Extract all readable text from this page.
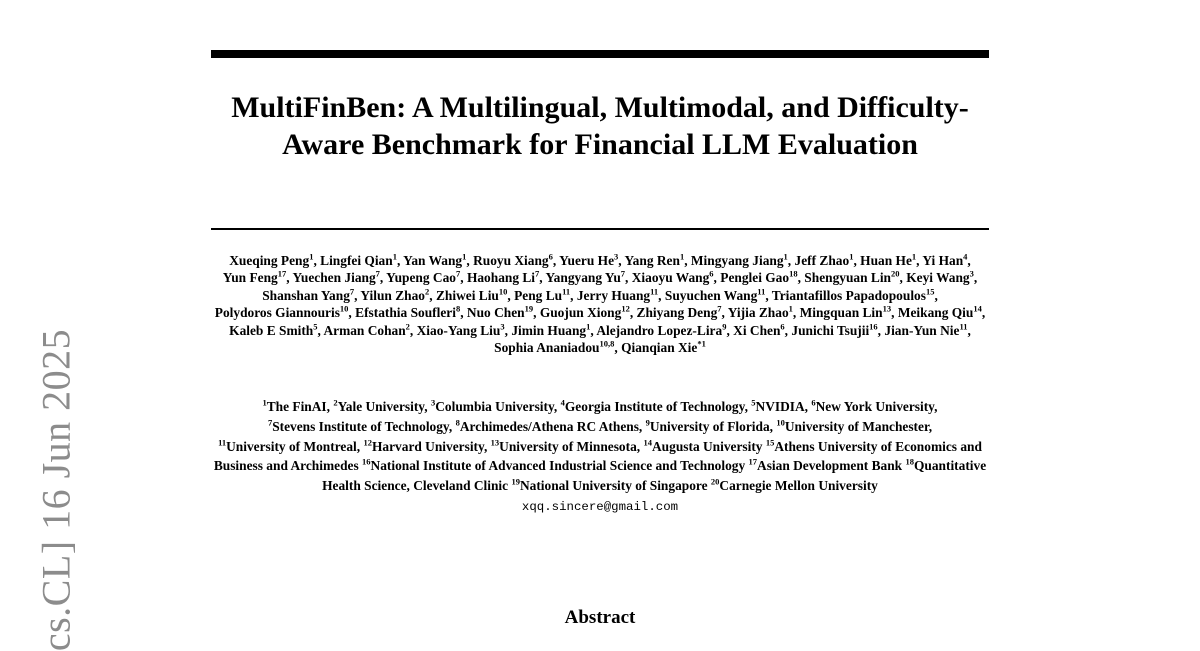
MultiFinBen: A Multilingual, Multimodal, and Difficulty-Aware Benchmark for Financial LLM Evaluation

Xueqing Peng$^1$, Lingfei Qian$^1$, Yan Wang$^1$, Ruoyu Xiang$^6$, Yueru He$^3$, Yang Ren$^1$, Mingyang Jiang$^1$, Jeff Zhao$^1$, Huan He$^1$, Yi Han$^4$, Yun Feng$^{17}$, Yuechen Jiang$^7$, Yupeng Cao$^7$, Haohang Li$^7$, Yangyang Yu$^7$, Xiaoyu Wang$^6$, Penglei Gao$^{18}$, Shengyuan Lin$^{20}$, Keyi Wang$^3$, Shanshan Yang$^7$, Yilun Zhao$^2$, Zhiwei Liu$^{10}$, Peng Lu$^{11}$, Jerry Huang$^{11}$, Suyuchen Wang$^{11}$, Triantafillos Papadopoulos$^{15}$, Polydoros Giannouris$^{10}$, Efstathia Soufleri$^8$, Nuo Chen$^{19}$, Guojun Xiong$^{12}$, Zhiyang Deng$^7$, Yijia Zhao$^1$, Mingquan Lin$^{13}$, Meikang Qiu$^{14}$, Kaleb E Smith$^5$, Arman Cohan$^2$, Xiao-Yang Liu$^3$, Jimin Huang$^1$, Alejandro Lopez-Lira$^9$, Xi Chen$^6$, Junichi Tsujii$^{16}$, Jian-Yun Nie$^{11}$, Sophia Ananiadou$^{10,8}$, Qianqian Xie$^{*1}$

$^1$The FinAI, $^2$Yale University, $^3$Columbia University, $^4$Georgia Institute of Technology, $^5$NVIDIA, $^6$New York University, $^7$Stevens Institute of Technology, $^8$Archimedes/Athena RC Athens, $^9$University of Florida, $^{10}$University of Manchester, $^{11}$University of Montreal, $^{12}$Harvard University, $^{13}$University of Minnesota, $^{14}$Augusta University $^{15}$Athens University of Economics and Business and Archimedes $^{16}$National Institute of Advanced Industrial Science and Technology $^{17}$Asian Development Bank $^{18}$Quantitative Health Science, Cleveland Clinic $^{19}$National University of Singapore $^{20}$Carnegie Mellon University
xqq.sincere@gmail.com
Abstract
cs.CL] 16 Jun 2025
